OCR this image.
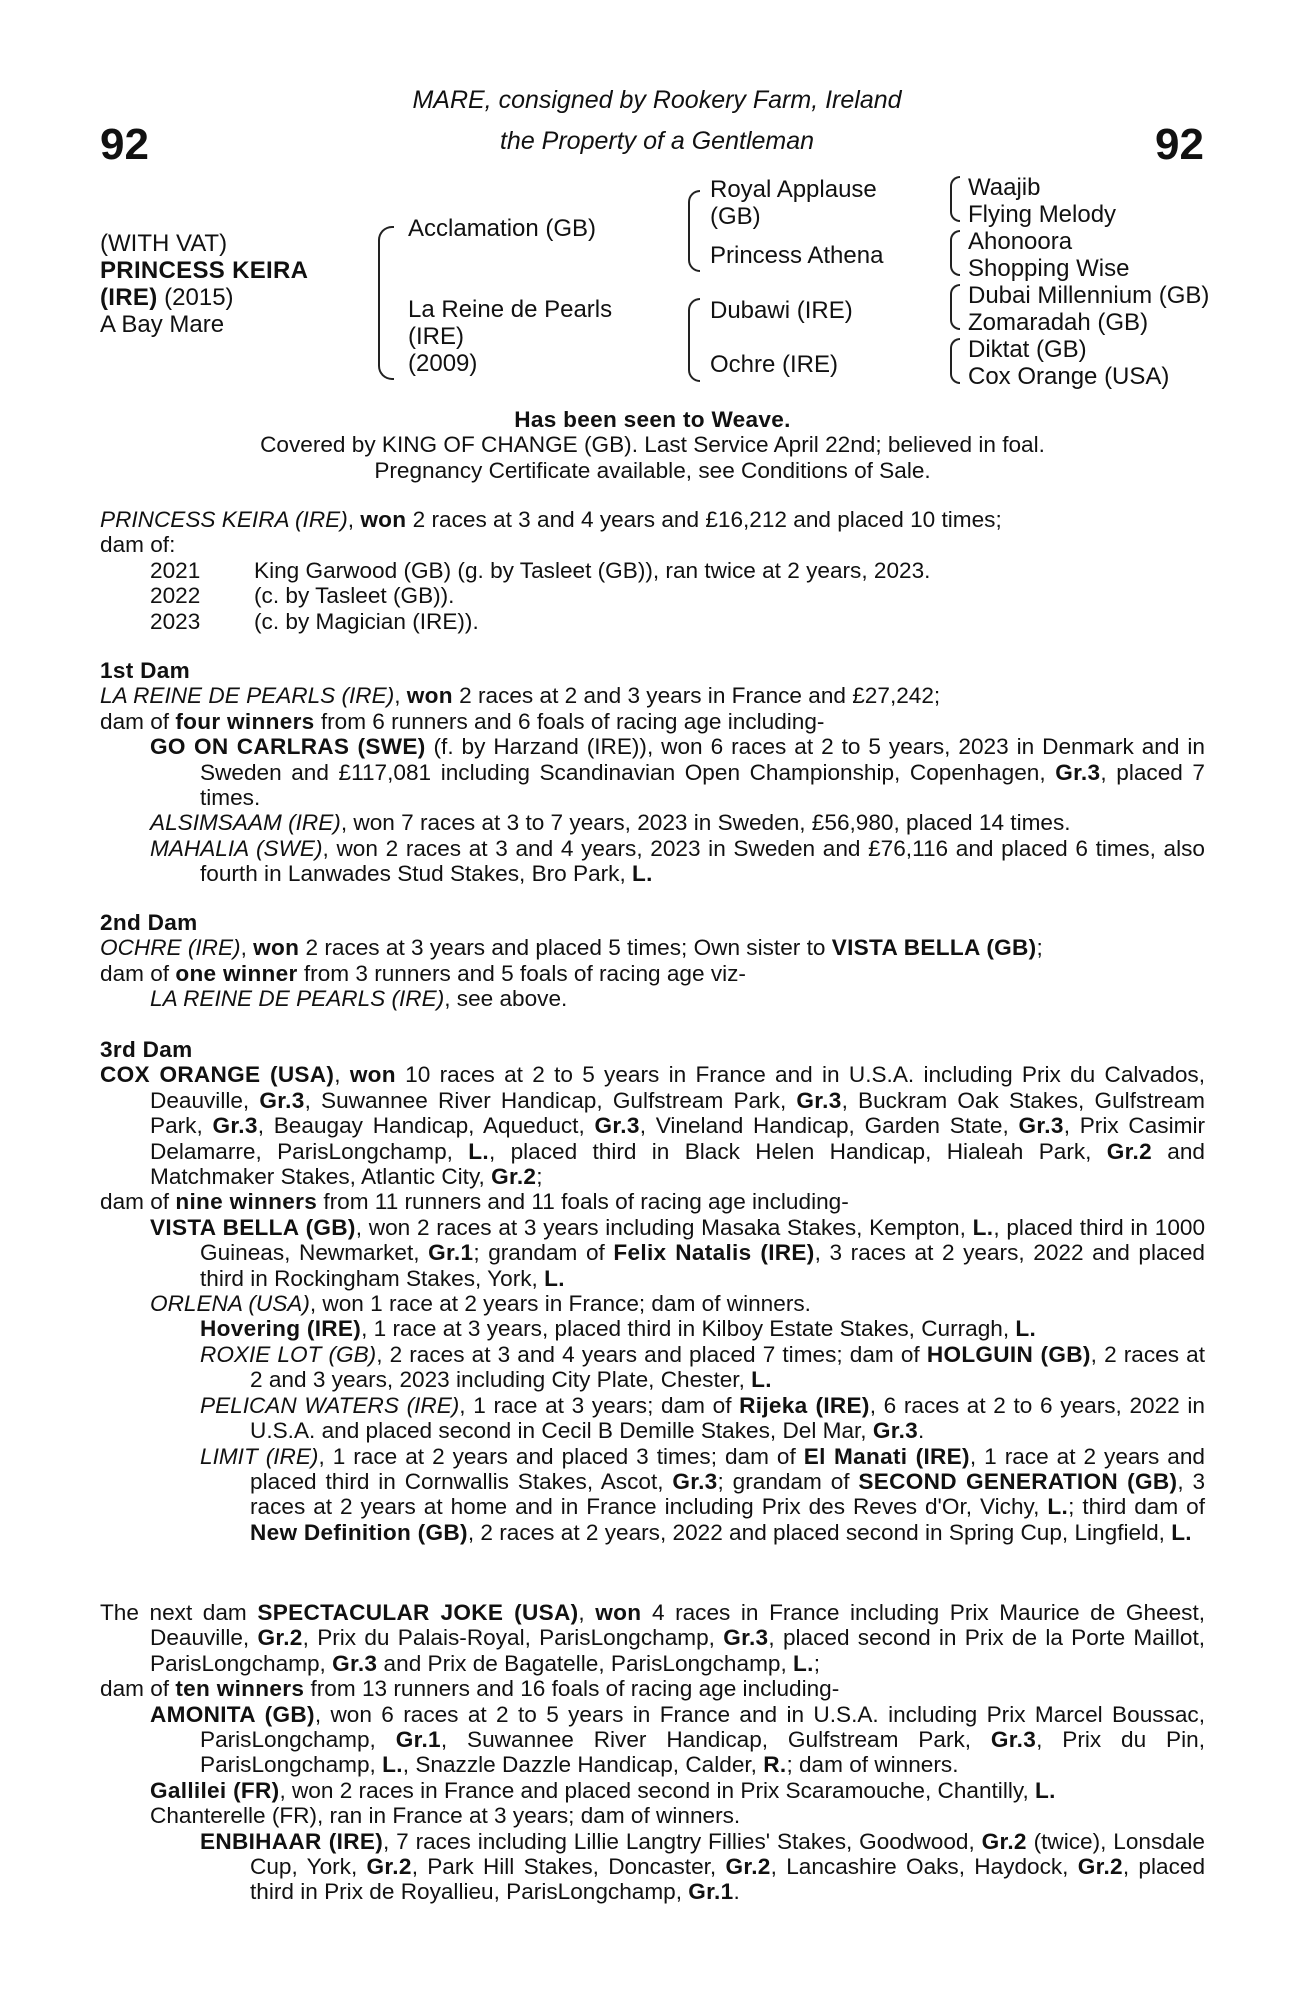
92	92
MARE, consigned by Rookery Farm, Ireland
the Property of a Gentleman
(WITH VAT)
PRINCESS KEIRA
(IRE) (2015)
A Bay Mare
Acclamation (GB)
La Reine de Pearls
(IRE)
(2009)
Royal Applause
(GB)
Princess Athena
Dubawi (IRE)
Ochre (IRE)
Waajib
Flying Melody
Ahonoora
Shopping Wise
Dubai Millennium (GB)
Zomaradah (GB)
Diktat (GB)
Cox Orange (USA)

Has been seen to Weave.

Covered by KING OF CHANGE (GB). Last Service April 22nd; believed in foal.

Pregnancy Certificate available, see Conditions of Sale.

PRINCESS KEIRA (IRE), won 2 races at 3 and 4 years and £16,212 and placed 10 times;

dam of:

2021 King Garwood (GB) (g. by Tasleet (GB)), ran twice at 2 years, 2023.

2022 (c. by Tasleet (GB)).

2023 (c. by Magician (IRE)).

1st Dam

LA REINE DE PEARLS (IRE), won 2 races at 2 and 3 years in France and £27,242;

dam of four winners from 6 runners and 6 foals of racing age including-

GO ON CARLRAS (SWE) (f. by Harzand (IRE)), won 6 races at 2 to 5 years, 2023 in Denmark and in Sweden and £117,081 including Scandinavian Open Championship, Copenhagen, Gr.3, placed 7 times.

ALSIMSAAM (IRE), won 7 races at 3 to 7 years, 2023 in Sweden, £56,980, placed 14 times.

MAHALIA (SWE), won 2 races at 3 and 4 years, 2023 in Sweden and £76,116 and placed 6 times, also fourth in Lanwades Stud Stakes, Bro Park, L.

2nd Dam

OCHRE (IRE), won 2 races at 3 years and placed 5 times; Own sister to VISTA BELLA (GB);

dam of one winner from 3 runners and 5 foals of racing age viz-

LA REINE DE PEARLS (IRE), see above.

3rd Dam

COX ORANGE (USA), won 10 races at 2 to 5 years in France and in U.S.A. including Prix du Calvados, Deauville, Gr.3, Suwannee River Handicap, Gulfstream Park, Gr.3, Buckram Oak Stakes, Gulfstream Park, Gr.3, Beaugay Handicap, Aqueduct, Gr.3, Vineland Handicap, Garden State, Gr.3, Prix Casimir Delamarre, ParisLongchamp, L., placed third in Black Helen Handicap, Hialeah Park, Gr.2 and Matchmaker Stakes, Atlantic City, Gr.2;

dam of nine winners from 11 runners and 11 foals of racing age including-

VISTA BELLA (GB), won 2 races at 3 years including Masaka Stakes, Kempton, L., placed third in 1000 Guineas, Newmarket, Gr.1; grandam of Felix Natalis (IRE), 3 races at 2 years, 2022 and placed third in Rockingham Stakes, York, L.

ORLENA (USA), won 1 race at 2 years in France; dam of winners.

Hovering (IRE), 1 race at 3 years, placed third in Kilboy Estate Stakes, Curragh, L.

ROXIE LOT (GB), 2 races at 3 and 4 years and placed 7 times; dam of HOLGUIN (GB), 2 races at 2 and 3 years, 2023 including City Plate, Chester, L.

PELICAN WATERS (IRE), 1 race at 3 years; dam of Rijeka (IRE), 6 races at 2 to 6 years, 2022 in U.S.A. and placed second in Cecil B Demille Stakes, Del Mar, Gr.3.

LIMIT (IRE), 1 race at 2 years and placed 3 times; dam of El Manati (IRE), 1 race at 2 years and placed third in Cornwallis Stakes, Ascot, Gr.3; grandam of SECOND GENERATION (GB), 3 races at 2 years at home and in France including Prix des Reves d'Or, Vichy, L.; third dam of New Definition (GB), 2 races at 2 years, 2022 and placed second in Spring Cup, Lingfield, L.

The next dam SPECTACULAR JOKE (USA), won 4 races in France including Prix Maurice de Gheest, Deauville, Gr.2, Prix du Palais-Royal, ParisLongchamp, Gr.3, placed second in Prix de la Porte Maillot, ParisLongchamp, Gr.3 and Prix de Bagatelle, ParisLongchamp, L.;

dam of ten winners from 13 runners and 16 foals of racing age including-

AMONITA (GB), won 6 races at 2 to 5 years in France and in U.S.A. including Prix Marcel Boussac, ParisLongchamp, Gr.1, Suwannee River Handicap, Gulfstream Park, Gr.3, Prix du Pin, ParisLongchamp, L., Snazzle Dazzle Handicap, Calder, R.; dam of winners.

Gallilei (FR), won 2 races in France and placed second in Prix Scaramouche, Chantilly, L.

Chanterelle (FR), ran in France at 3 years; dam of winners.

ENBIHAAR (IRE), 7 races including Lillie Langtry Fillies' Stakes, Goodwood, Gr.2 (twice), Lonsdale Cup, York, Gr.2, Park Hill Stakes, Doncaster, Gr.2, Lancashire Oaks, Haydock, Gr.2, placed third in Prix de Royallieu, ParisLongchamp, Gr.1.
